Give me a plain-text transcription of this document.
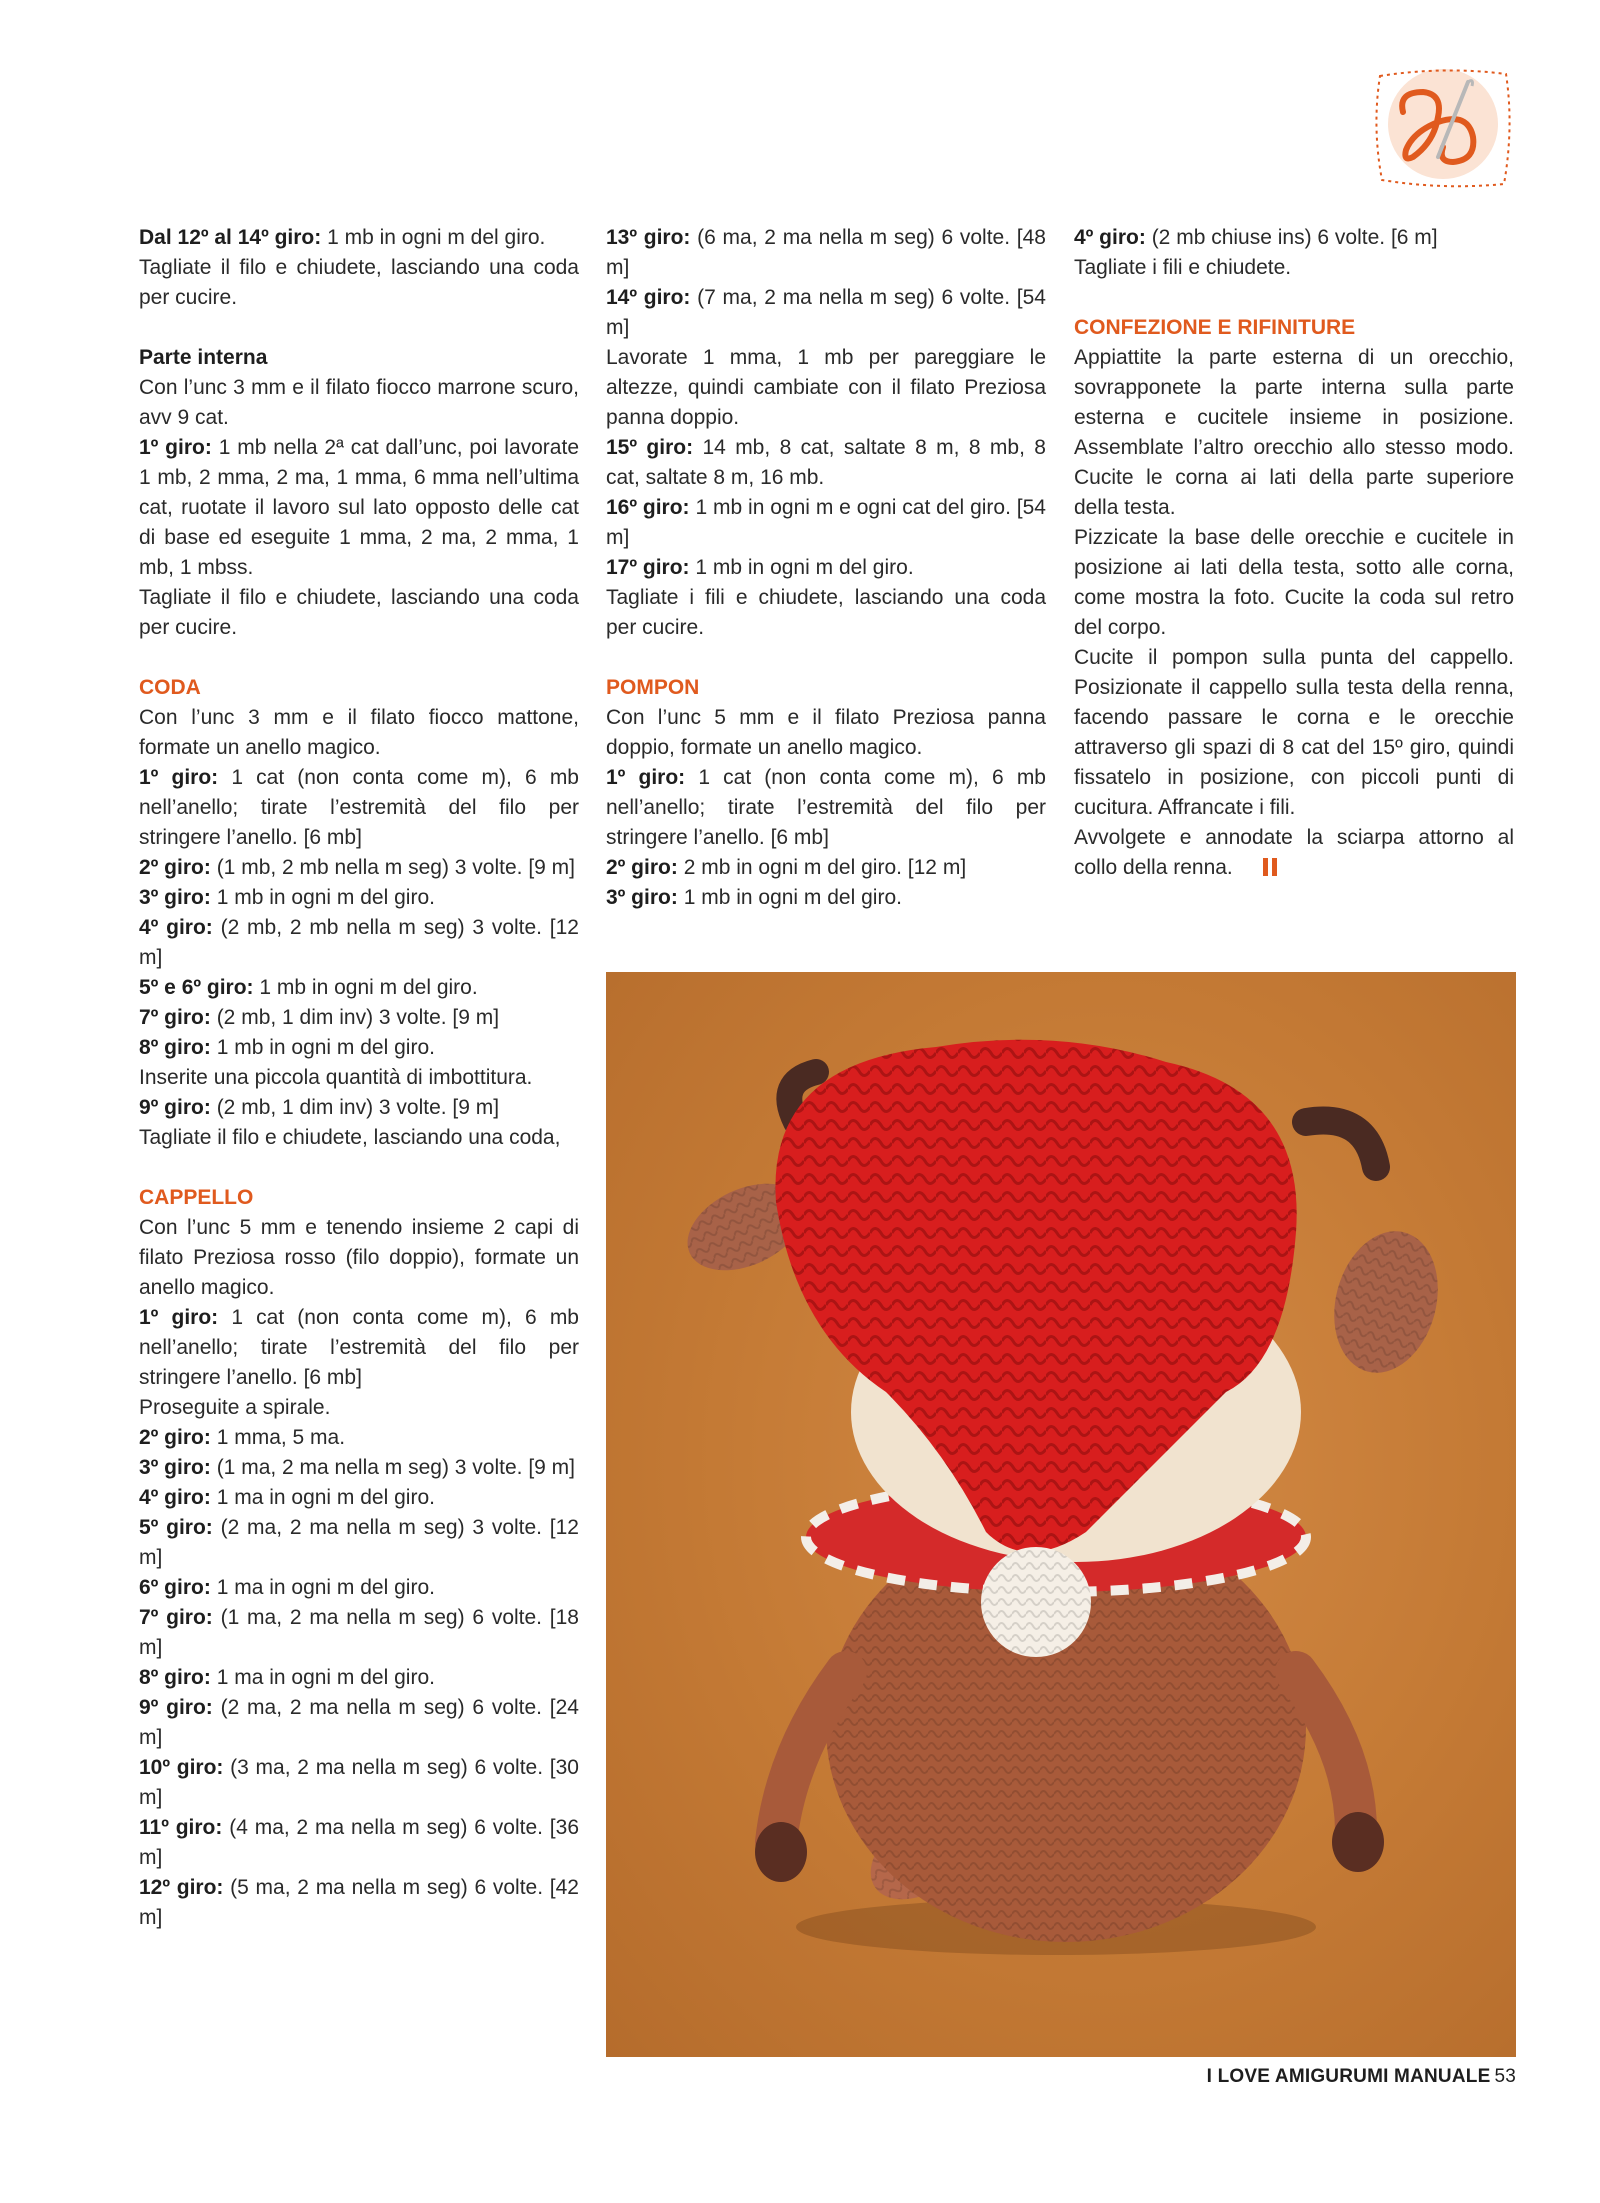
Dal 12º al 14º giro: 1 mb in ogni m del giro.

Tagliate il filo e chiudete, lasciando una coda per cucire.

Parte interna

Con l’unc 3 mm e il filato fiocco marrone scuro, avv 9 cat.

1º giro: 1 mb nella 2ª cat dall’unc, poi lavorate 1 mb, 2 mma, 2 ma, 1 mma, 6 mma nell’ultima cat, ruotate il lavoro sul lato opposto delle cat di base ed eseguite 1 mma, 2 ma, 2 mma, 1 mb, 1 mbss.

Tagliate il filo e chiudete, lasciando una coda per cucire.

CODA

Con l’unc 3 mm e il filato fiocco mattone, formate un anello magico.

1º giro: 1 cat (non conta come m), 6 mb nell’anello; tirate l’estremità del filo per stringere l’anello. [6 mb]

2º giro: (1 mb, 2 mb nella m seg) 3 volte. [9 m]

3º giro: 1 mb in ogni m del giro.

4º giro: (2 mb, 2 mb nella m seg) 3 volte. [12 m]

5º e 6º giro: 1 mb in ogni m del giro.

7º giro: (2 mb, 1 dim inv) 3 volte. [9 m]

8º giro: 1 mb in ogni m del giro.

Inserite una piccola quantità di imbottitura.

9º giro: (2 mb, 1 dim inv) 3 volte. [9 m]

Tagliate il filo e chiudete, lasciando una coda,

CAPPELLO

Con l’unc 5 mm e tenendo insieme 2 capi di filato Preziosa rosso (filo doppio), formate un anello magico.

1º giro: 1 cat (non conta come m), 6 mb nell’anello; tirate l’estremità del filo per stringere l’anello. [6 mb]

Proseguite a spirale.

2º giro: 1 mma, 5 ma.

3º giro: (1 ma, 2 ma nella m seg) 3 volte. [9 m]

4º giro: 1 ma in ogni m del giro.

5º giro: (2 ma, 2 ma nella m seg) 3 volte. [12 m]

6º giro: 1 ma in ogni m del giro.

7º giro: (1 ma, 2 ma nella m seg) 6 volte. [18 m]

8º giro: 1 ma in ogni m del giro.

9º giro: (2 ma, 2 ma nella m seg) 6 volte. [24 m]

10º giro: (3 ma, 2 ma nella m seg) 6 volte. [30 m]

11º giro: (4 ma, 2 ma nella m seg) 6 volte. [36 m]

12º giro: (5 ma, 2 ma nella m seg) 6 volte. [42 m]

13º giro: (6 ma, 2 ma nella m seg) 6 volte. [48 m]

14º giro: (7 ma, 2 ma nella m seg) 6 volte. [54 m]

Lavorate 1 mma, 1 mb per pareggiare le altezze, quindi cambiate con il filato Preziosa panna doppio.

15º giro: 14 mb, 8 cat, saltate 8 m, 8 mb, 8 cat, saltate 8 m, 16 mb.

16º giro: 1 mb in ogni m e ogni cat del giro. [54 m]

17º giro: 1 mb in ogni m del giro.

Tagliate i fili e chiudete, lasciando una coda per cucire.

POMPON

Con l’unc 5 mm e il filato Preziosa panna doppio, formate un anello magico.

1º giro: 1 cat (non conta come m), 6 mb nell’anello; tirate l’estremità del filo per stringere l’anello. [6 mb]

2º giro: 2 mb in ogni m del giro. [12 m]

3º giro: 1 mb in ogni m del giro.

4º giro: (2 mb chiuse ins) 6 volte. [6 m]

Tagliate i fili e chiudete.

CONFEZIONE E RIFINITURE

Appiattite la parte esterna di un orecchio, sovrapponete la parte interna sulla parte esterna e cucitele insieme in posizione. Assemblate l’altro orecchio allo stesso modo. Cucite le corna ai lati della parte superiore della testa.

Pizzicate la base delle orecchie e cucitele in posizione ai lati della testa, sotto alle corna, come mostra la foto. Cucite la coda sul retro del corpo.

Cucite il pompon sulla punta del cappello. Posizionate il cappello sulla testa della renna, facendo passare le corna e le orecchie attraverso gli spazi di 8 cat del 15º giro, quindi fissatelo in posizione, con piccoli punti di cucitura. Affrancate i fili.

Avvolgete e annodate la sciarpa attorno al collo della renna.

I LOVE AMIGURUMI MANUALE 53
